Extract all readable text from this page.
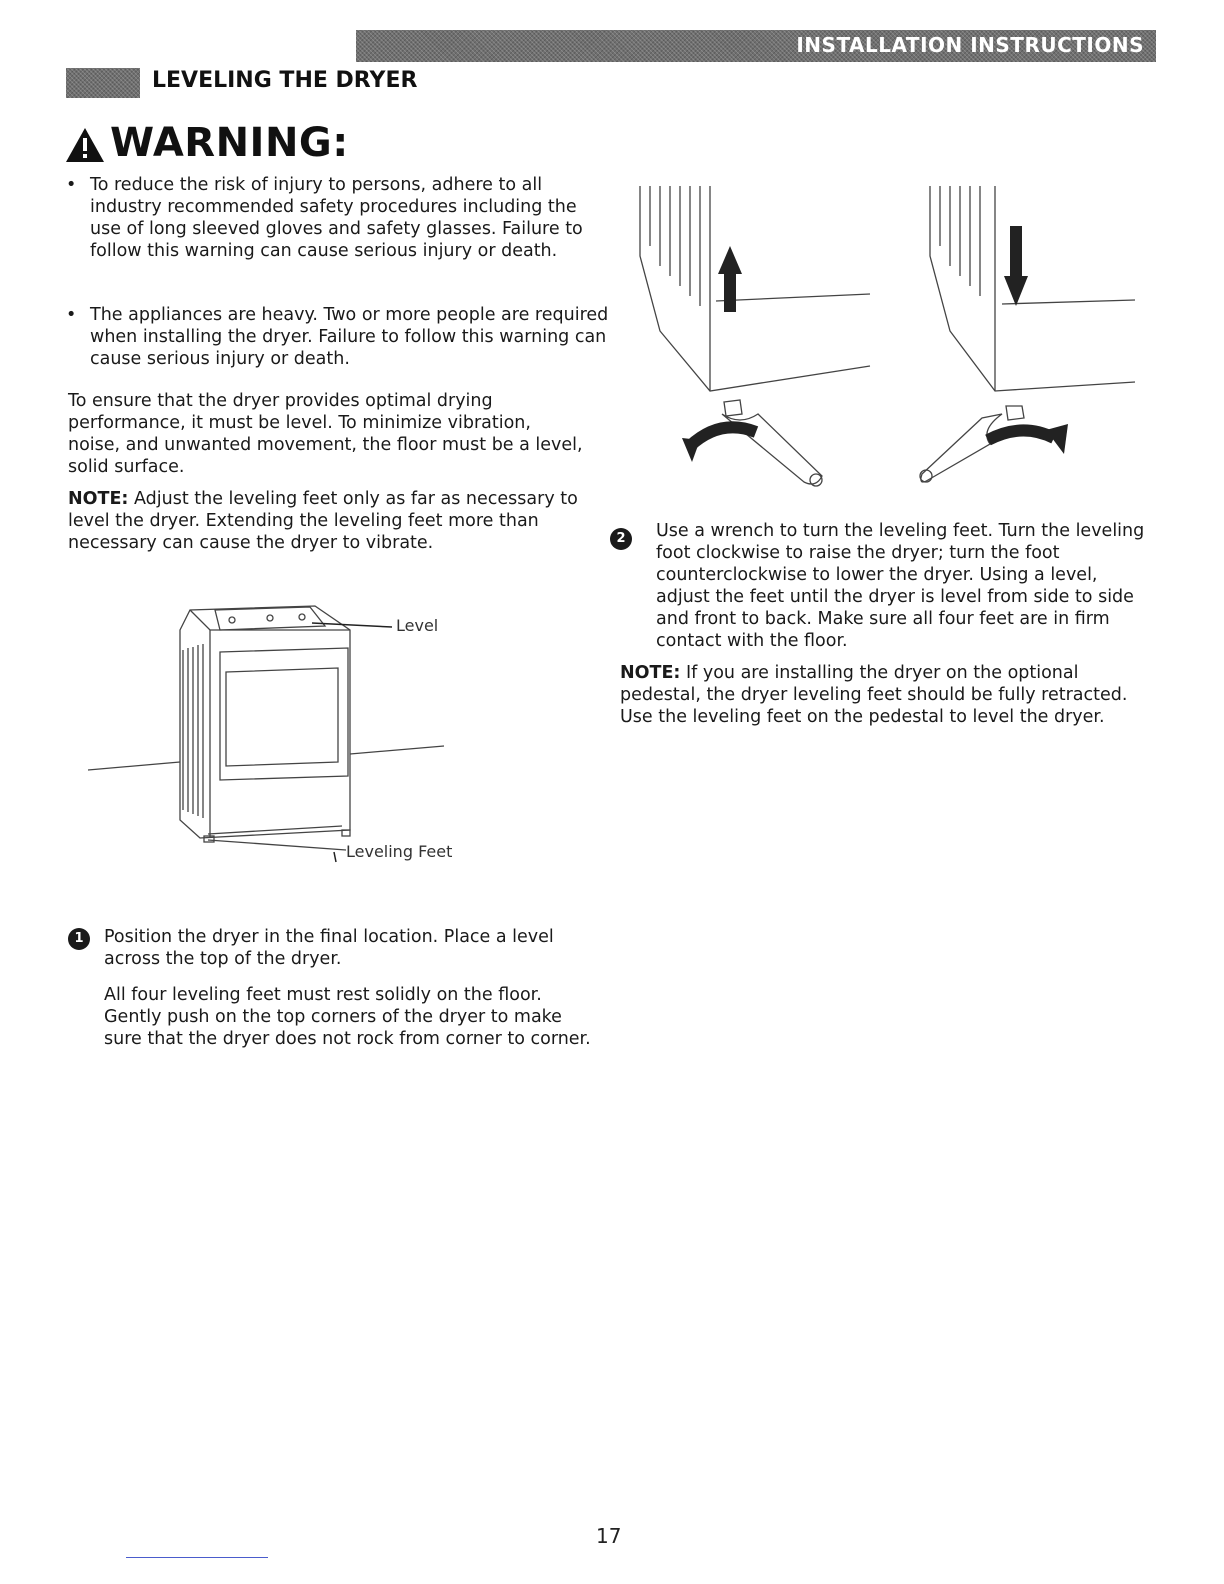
INSTALLATION INSTRUCTIONS
LEVELING THE DRYER
WARNING:
• To reduce the risk of injury to persons, adhere to all industry recommended safety procedures including the use of long sleeved gloves and safety glasses. Failure to follow this warning can cause serious injury or death.
• The appliances are heavy. Two or more people are required when installing the dryer. Failure to follow this warning can cause serious injury or death.
To ensure that the dryer provides optimal drying performance, it must be level. To minimize vibration, noise, and unwanted movement, the floor must be a level, solid surface.
NOTE: Adjust the leveling feet only as far as necessary to level the dryer. Extending the leveling feet more than necessary can cause the dryer to vibrate.
Level
Leveling Feet
1	Position the dryer in the final location. Place a level across the top of the dryer.
All four leveling feet must rest solidly on the floor. Gently push on the top corners of the dryer to make sure that the dryer does not rock from corner to corner.
2	Use a wrench to turn the leveling feet. Turn the leveling foot clockwise to raise the dryer; turn the foot counterclockwise to lower the dryer. Using a level, adjust the feet until the dryer is level from side to side and front to back. Make sure all four feet are in firm contact with the floor.
NOTE: If you are installing the dryer on the optional pedestal, the dryer leveling feet should be fully retracted. Use the leveling feet on the pedestal to level the dryer.
17
